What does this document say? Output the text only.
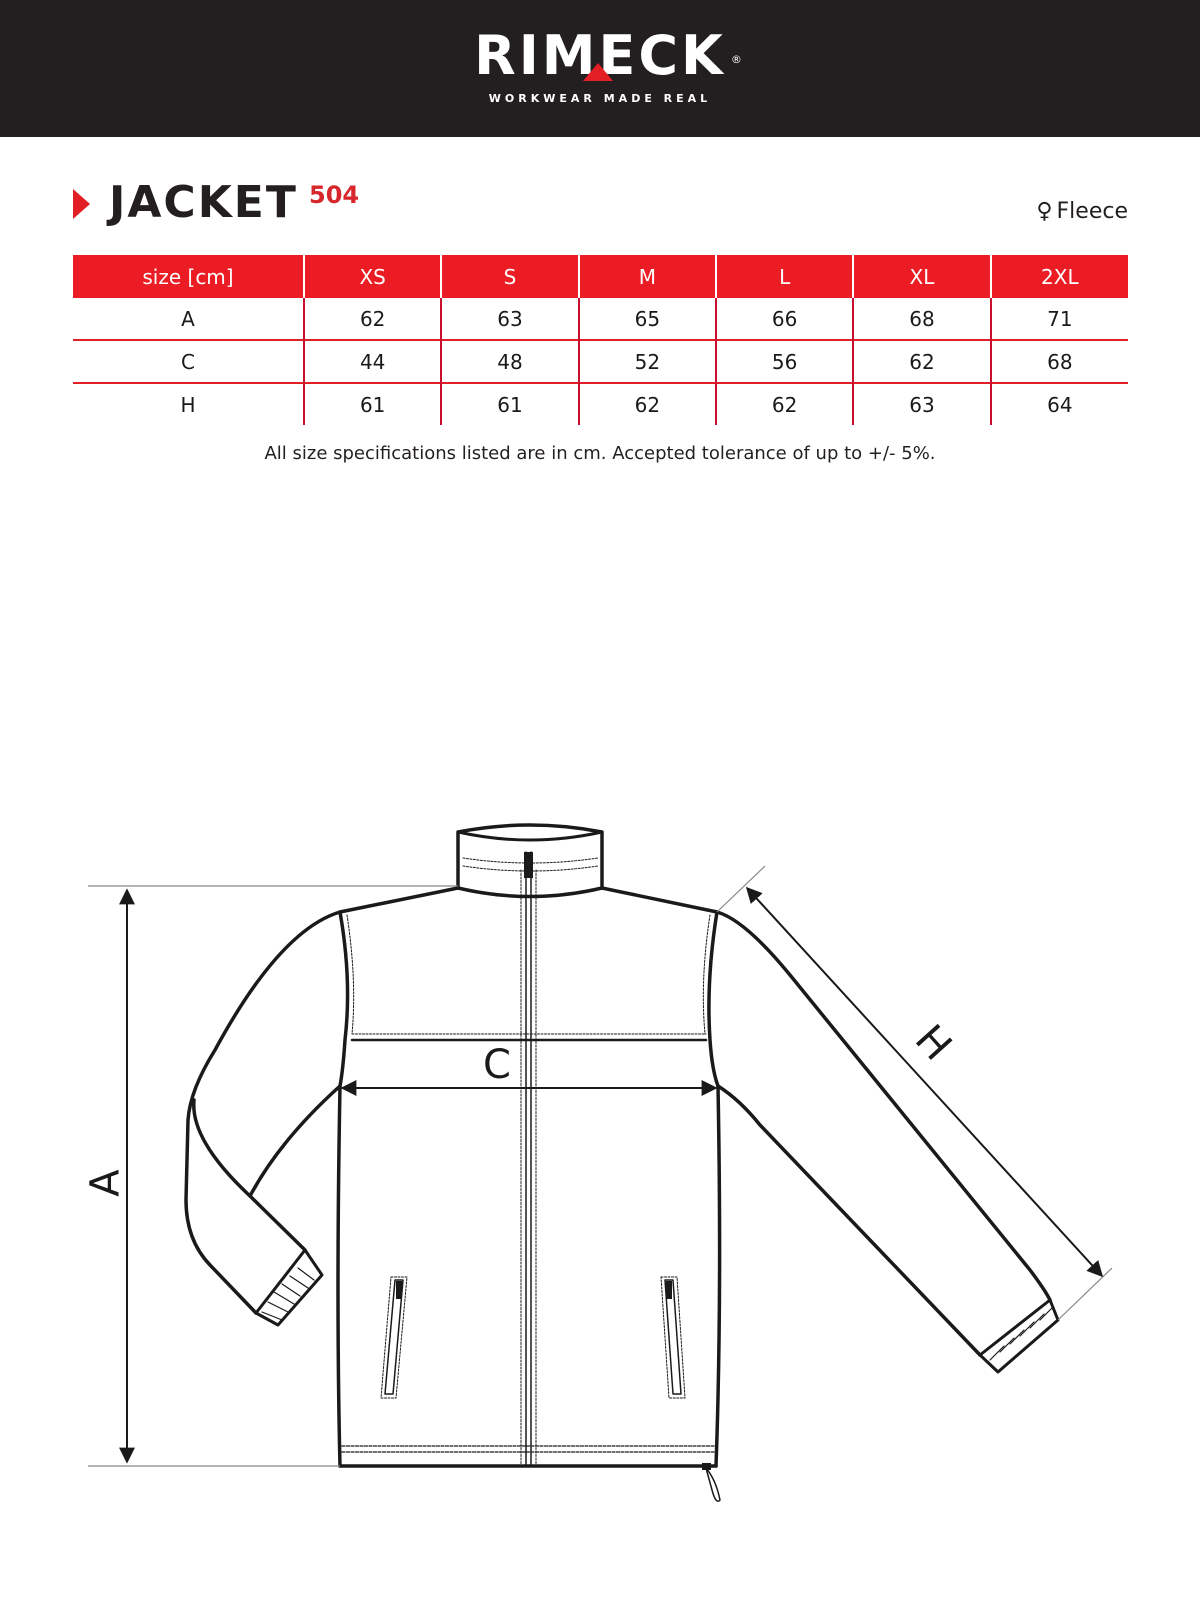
RIMECK ®
WORKWEAR MADE REAL
JACKET 504
♀ Fleece
size [cm]	XS	S	M	L	XL	2XL
A	62	63	65	66	68	71
C	44	48	52	56	62	68
H	61	61	62	62	63	64
All size specifications listed are in cm. Accepted tolerance of up to +/- 5%.
A
C	H
